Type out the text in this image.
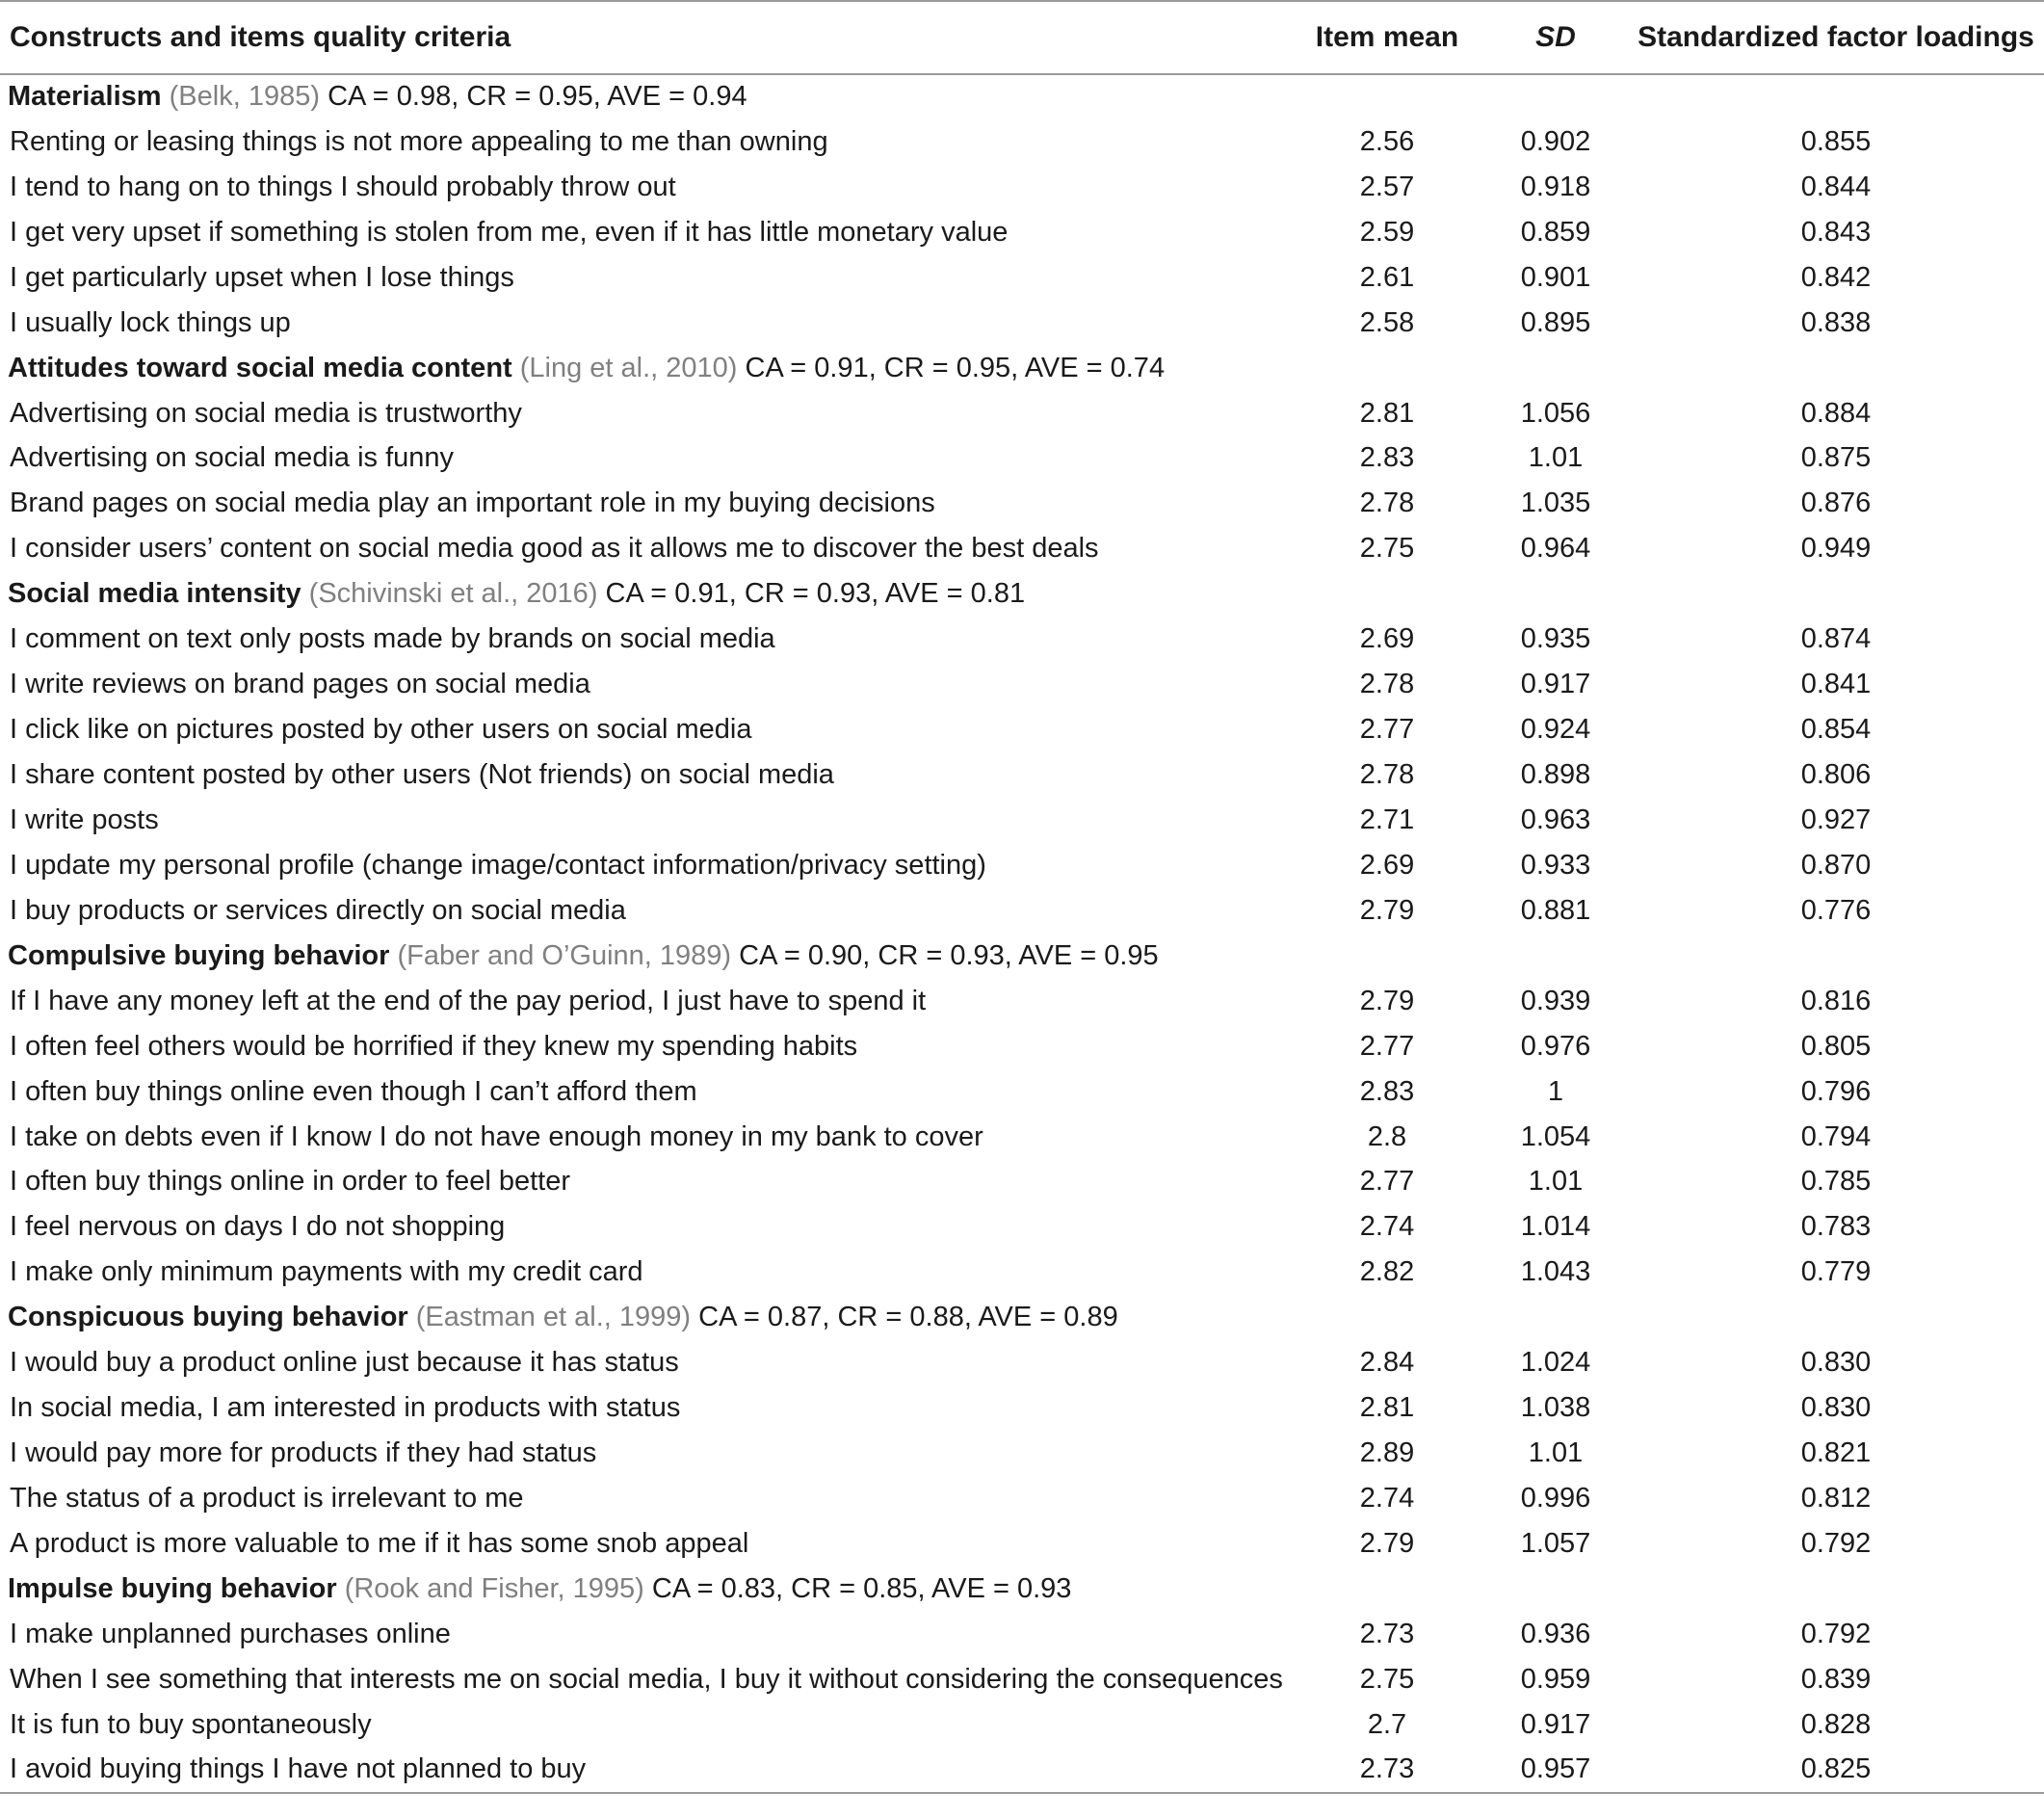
Constructs and items quality criteria	Item mean	SD	Standardized factor loadings
Materialism (Belk, 1985) CA = 0.98, CR = 0.95, AVE = 0.94			
Renting or leasing things is not more appealing to me than owning	2.56	0.902	0.855
I tend to hang on to things I should probably throw out	2.57	0.918	0.844
I get very upset if something is stolen from me, even if it has little monetary value	2.59	0.859	0.843
I get particularly upset when I lose things	2.61	0.901	0.842
I usually lock things up	2.58	0.895	0.838
Attitudes toward social media content (Ling et al., 2010) CA = 0.91, CR = 0.95, AVE = 0.74			
Advertising on social media is trustworthy	2.81	1.056	0.884
Advertising on social media is funny	2.83	1.01	0.875
Brand pages on social media play an important role in my buying decisions	2.78	1.035	0.876
I consider users’ content on social media good as it allows me to discover the best deals	2.75	0.964	0.949
Social media intensity (Schivinski et al., 2016) CA = 0.91, CR = 0.93, AVE = 0.81			
I comment on text only posts made by brands on social media	2.69	0.935	0.874
I write reviews on brand pages on social media	2.78	0.917	0.841
I click like on pictures posted by other users on social media	2.77	0.924	0.854
I share content posted by other users (Not friends) on social media	2.78	0.898	0.806
I write posts	2.71	0.963	0.927
I update my personal profile (change image/contact information/privacy setting)	2.69	0.933	0.870
I buy products or services directly on social media	2.79	0.881	0.776
Compulsive buying behavior (Faber and O’Guinn, 1989) CA = 0.90, CR = 0.93, AVE = 0.95			
If I have any money left at the end of the pay period, I just have to spend it	2.79	0.939	0.816
I often feel others would be horrified if they knew my spending habits	2.77	0.976	0.805
I often buy things online even though I can’t afford them	2.83	1	0.796
I take on debts even if I know I do not have enough money in my bank to cover	2.8	1.054	0.794
I often buy things online in order to feel better	2.77	1.01	0.785
I feel nervous on days I do not shopping	2.74	1.014	0.783
I make only minimum payments with my credit card	2.82	1.043	0.779
Conspicuous buying behavior (Eastman et al., 1999) CA = 0.87, CR = 0.88, AVE = 0.89			
I would buy a product online just because it has status	2.84	1.024	0.830
In social media, I am interested in products with status	2.81	1.038	0.830
I would pay more for products if they had status	2.89	1.01	0.821
The status of a product is irrelevant to me	2.74	0.996	0.812
A product is more valuable to me if it has some snob appeal	2.79	1.057	0.792
Impulse buying behavior (Rook and Fisher, 1995) CA = 0.83, CR = 0.85, AVE = 0.93			
I make unplanned purchases online	2.73	0.936	0.792
When I see something that interests me on social media, I buy it without considering the consequences	2.75	0.959	0.839
It is fun to buy spontaneously	2.7	0.917	0.828
I avoid buying things I have not planned to buy	2.73	0.957	0.825
